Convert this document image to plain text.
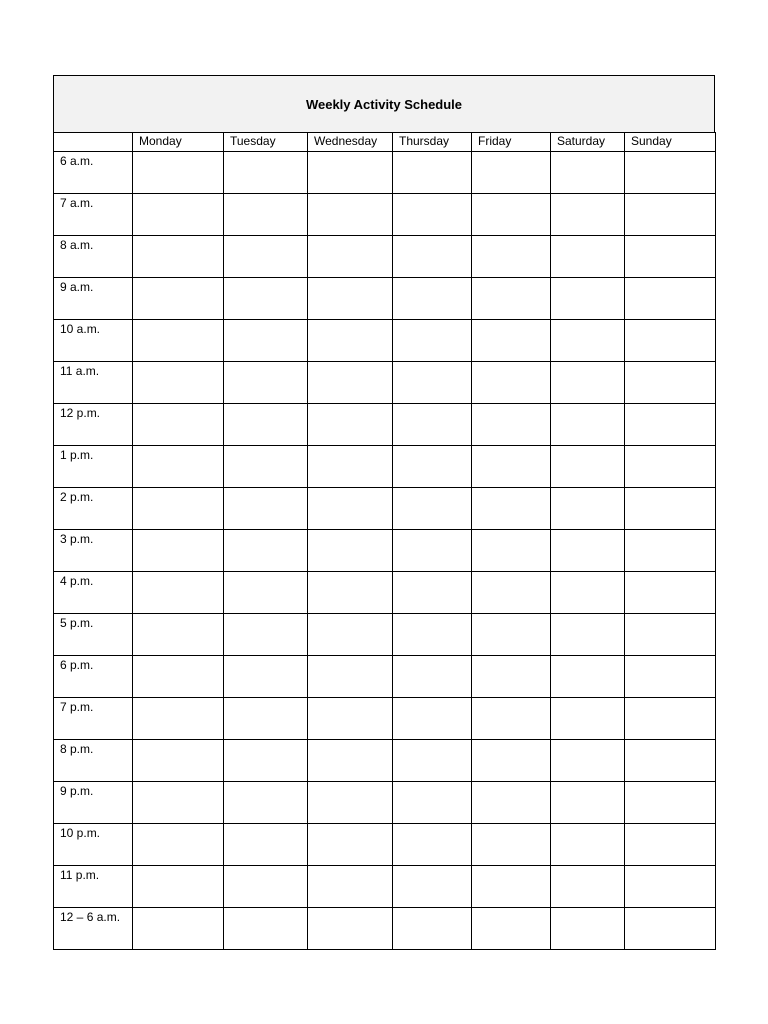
Weekly Activity Schedule
	Monday	Tuesday	Wednesday	Thursday	Friday	Saturday	Sunday
6 a.m.							
7 a.m.							
8 a.m.							
9 a.m.							
10 a.m.							
11 a.m.							
12 p.m.							
1 p.m.							
2 p.m.							
3 p.m.							
4 p.m.							
5 p.m.							
6 p.m.							
7 p.m.							
8 p.m.							
9 p.m.							
10 p.m.							
11 p.m.							
12 – 6 a.m.							
